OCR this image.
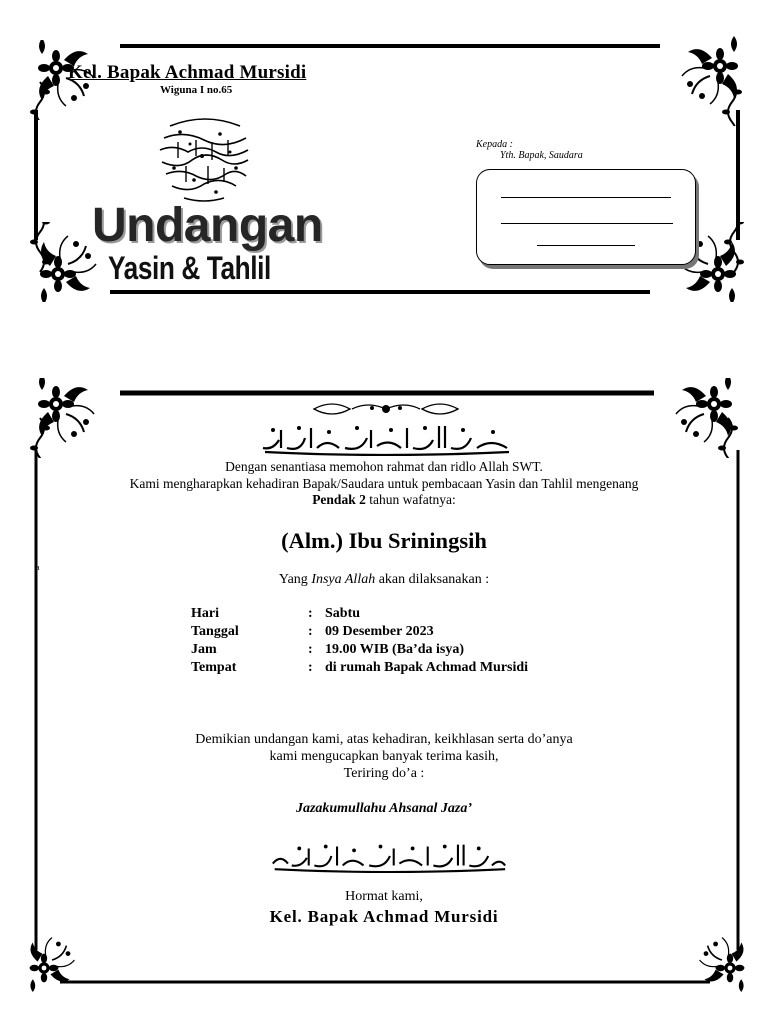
Kel. Bapak Achmad Mursidi
Wiguna I no.65
Undangan
Yasin & Tahlil
Kepada :
Yth. Bapak, Saudara
Dengan senantiasa memohon rahmat dan ridlo Allah SWT.
Kami mengharapkan kehadiran Bapak/Saudara untuk pembacaan Yasin dan Tahlil mengenang
Pendak 2 tahun wafatnya:
a
(Alm.) Ibu Sriningsih
Yang Insya Allah akan dilaksanakan :
Hari	: Sabtu
Tanggal	: 09 Desember 2023
Jam	: 19.00 WIB (Ba’da isya)
Tempat	: di rumah Bapak Achmad Mursidi
Demikian undangan kami, atas kehadiran, keikhlasan serta do’anya
kami mengucapkan banyak terima kasih,
Teriring do’a :
Jazakumullahu Ahsanal Jaza’
Hormat kami,
Kel. Bapak Achmad Mursidi
